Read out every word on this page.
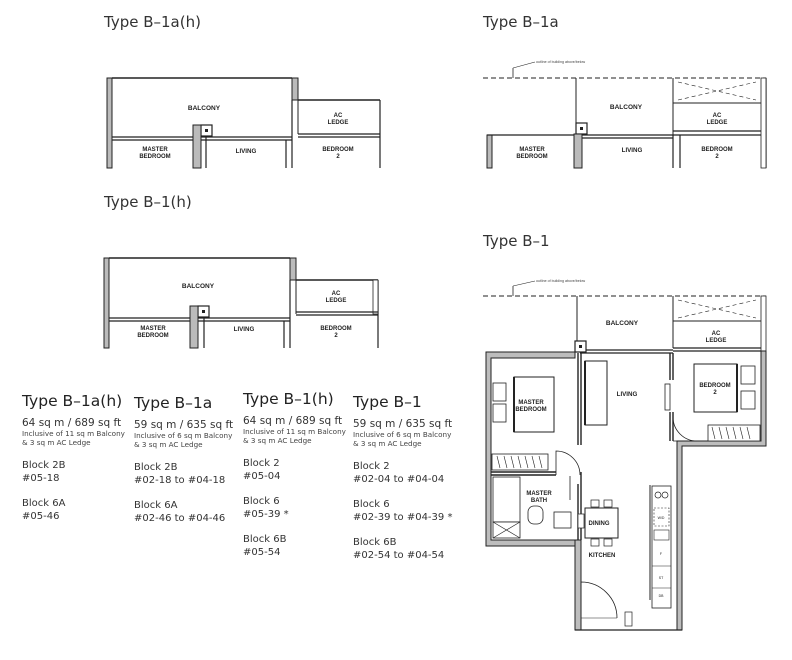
Type B–1a(h)	Type B–1a
Type B–1(h)
Type B–1
BALCONY
AC
LEDGE
MASTER
BEDROOM
LIVING	BEDROOM
2
outline of building above/below
BALCONY
AC
LEDGE
MASTER
BEDROOM
LIVING	BEDROOM
2
BALCONY
AC
LEDGE
MASTER
BEDROOM
LIVING	BEDROOM
2
outline of building above/below
W/D
F
ST
DB
BALCONY
AC
LEDGE
MASTER
BEDROOM
LIVING
BEDROOM
2
MASTER
BATH
DINING
KITCHEN
Type B–1a(h)
64 sq m / 689 sq ft
Inclusive of 11 sq m Balcony
& 3 sq m AC Ledge
Block 2B
#05-18
Block 6A
#05-46
Type B–1a
59 sq m / 635 sq ft
Inclusive of 6 sq m Balcony
& 3 sq m AC Ledge
Block 2B
#02-18 to #04-18
Block 6A
#02-46 to #04-46
Type B–1(h)
64 sq m / 689 sq ft
Inclusive of 11 sq m Balcony
& 3 sq m AC Ledge
Block 2
#05-04
Block 6
#05-39 *
Block 6B
#05-54
Type B–1
59 sq m / 635 sq ft
Inclusive of 6 sq m Balcony
& 3 sq m AC Ledge
Block 2
#02-04 to #04-04
Block 6
#02-39 to #04-39 *
Block 6B
#02-54 to #04-54
